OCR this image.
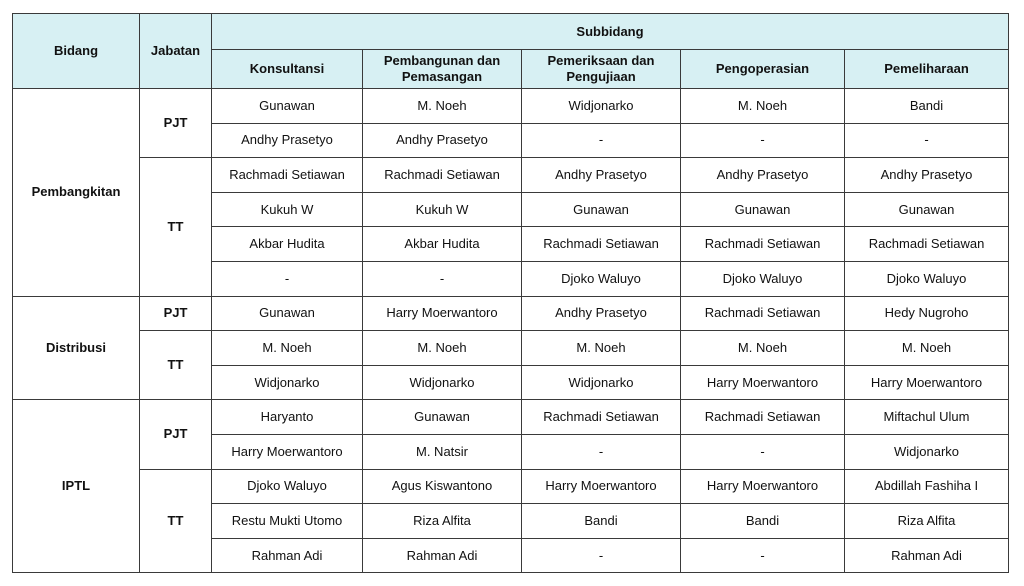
Bidang	Jabatan	Subbidang				
		Konsultansi	Pembangunan dan Pemasangan	Pemeriksaan dan Pengujiaan	Pengoperasian	Pemeliharaan
Pembangkitan	PJT	Gunawan	M. Noeh	Widjonarko	M. Noeh	Bandi
		Andhy Prasetyo	Andhy Prasetyo	-	-	-
	TT	Rachmadi Setiawan	Rachmadi Setiawan	Andhy Prasetyo	Andhy Prasetyo	Andhy Prasetyo
		Kukuh W	Kukuh W	Gunawan	Gunawan	Gunawan
		Akbar Hudita	Akbar Hudita	Rachmadi Setiawan	Rachmadi Setiawan	Rachmadi Setiawan
		-	-	Djoko Waluyo	Djoko Waluyo	Djoko Waluyo
Distribusi	PJT	Gunawan	Harry Moerwantoro	Andhy Prasetyo	Rachmadi Setiawan	Hedy Nugroho
	TT	M. Noeh	M. Noeh	M. Noeh	M. Noeh	M. Noeh
		Widjonarko	Widjonarko	Widjonarko	Harry Moerwantoro	Harry Moerwantoro
IPTL	PJT	Haryanto	Gunawan	Rachmadi Setiawan	Rachmadi Setiawan	Miftachul Ulum
		Harry Moerwantoro	M. Natsir	-	-	Widjonarko
	TT	Djoko Waluyo	Agus Kiswantono	Harry Moerwantoro	Harry Moerwantoro	Abdillah Fashiha I
		Restu Mukti Utomo	Riza Alfita	Bandi	Bandi	Riza Alfita
		Rahman Adi	Rahman Adi	-	-	Rahman Adi
